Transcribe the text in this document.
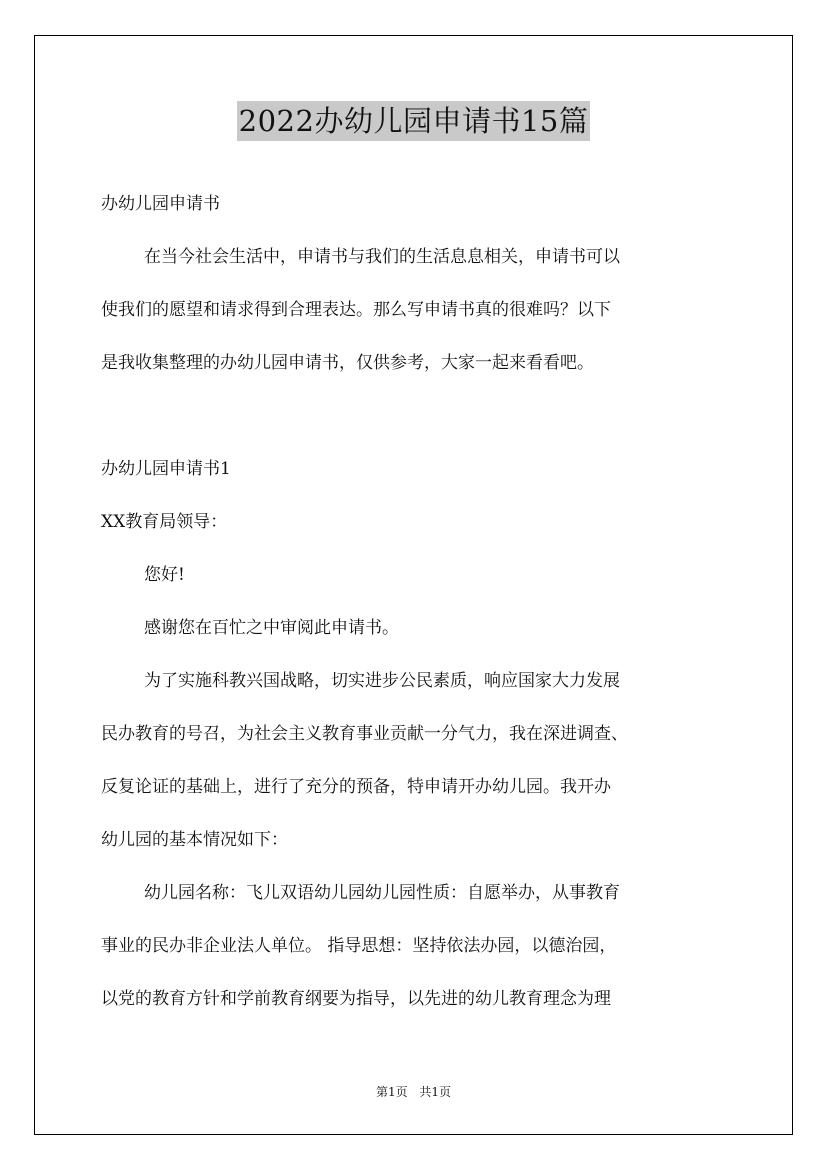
2022办幼儿园申请书15篇
办幼儿园申请书
在当今社会生活中，申请书与我们的生活息息相关，申请书可以
使我们的愿望和请求得到合理表达。那么写申请书真的很难吗？以下
是我收集整理的办幼儿园申请书，仅供参考，大家一起来看看吧。
办幼儿园申请书1
XX教育局领导：
您好!
感谢您在百忙之中审阅此申请书。
为了实施科教兴国战略，切实进步公民素质，响应国家大力发展
民办教育的号召，为社会主义教育事业贡献一分气力，我在深进调查、
反复论证的基础上，进行了充分的预备，特申请开办幼儿园。我开办
幼儿园的基本情况如下：
幼儿园名称：飞儿双语幼儿园幼儿园性质：自愿举办，从事教育
事业的民办非企业法人单位。 指导思想：坚持依法办园，以德治园，
以党的教育方针和学前教育纲要为指导，以先进的幼儿教育理念为理
第1页 共1页
